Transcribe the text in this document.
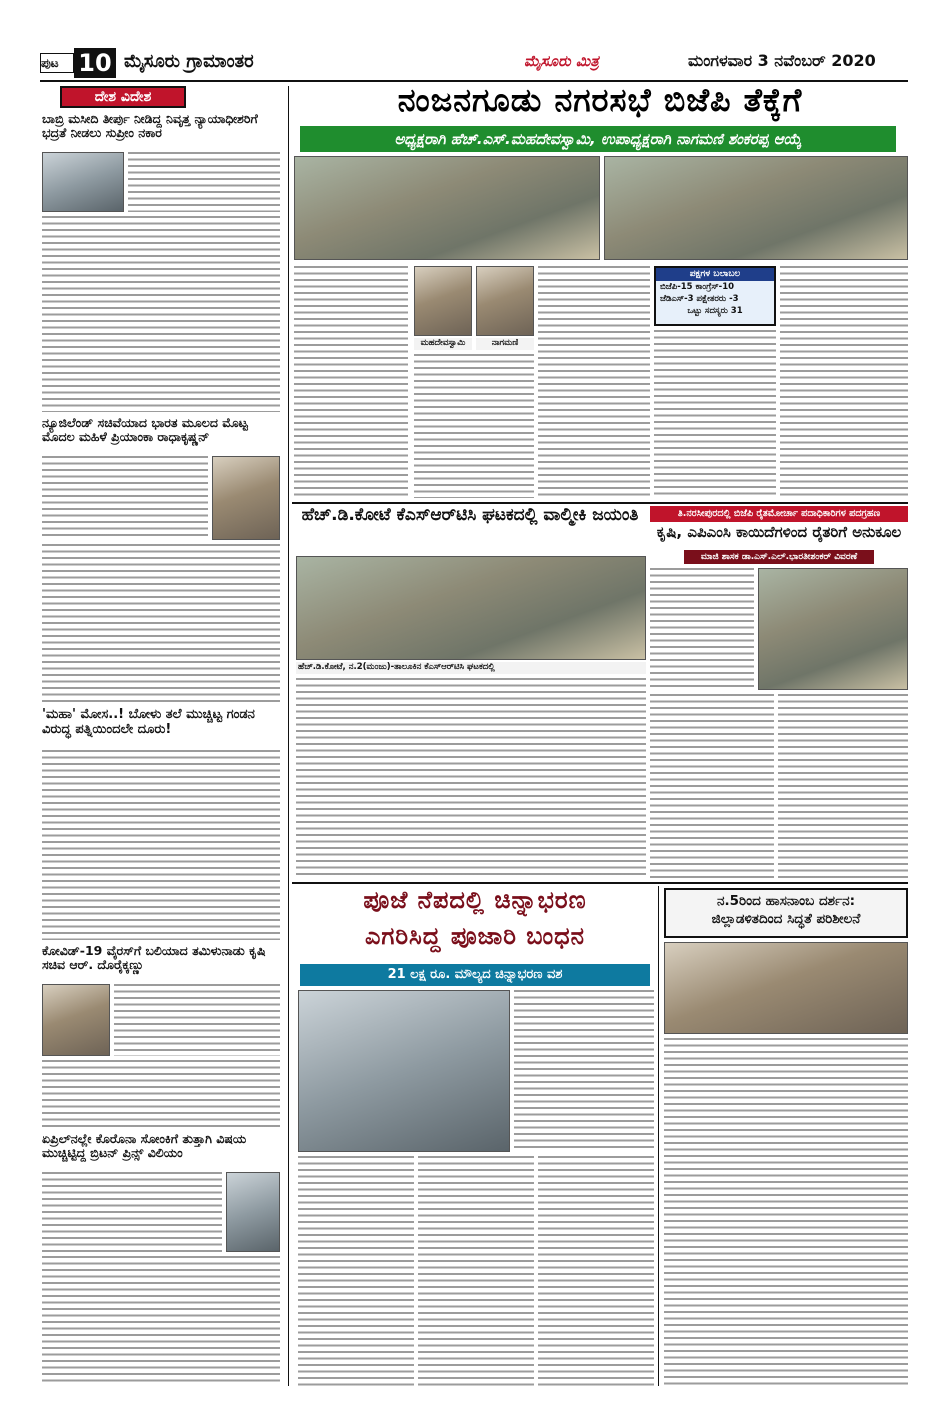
ಪುಟ 10 ಮೈಸೂರು ಗ್ರಾಮಾಂತರ	ಮೈಸೂರು ಮಿತ್ರ	ಮಂಗಳವಾರ 3 ನವೆಂಬರ್ 2020
ದೇಶ ವಿದೇಶ
ಬಾಬ್ರಿ ಮಸೀದಿ ತೀರ್ಪು ನೀಡಿದ್ದ ನಿವೃತ್ತ ನ್ಯಾಯಾಧೀಶರಿಗೆ ಭದ್ರತೆ ನೀಡಲು ಸುಪ್ರೀಂ ನಕಾರ
ನ್ಯೂಜಿಲೆಂಡ್ ಸಚಿವೆಯಾದ ಭಾರತ ಮೂಲದ ಮೊಟ್ಟ ಮೊದಲ ಮಹಿಳೆ ಪ್ರಿಯಾಂಕಾ ರಾಧಾಕೃಷ್ಣನ್
'ಮಹಾ' ಮೋಸ..! ಬೋಳು ತಲೆ ಮುಚ್ಚಿಟ್ಟ ಗಂಡನ ವಿರುದ್ಧ ಪತ್ನಿಯಿಂದಲೇ ದೂರು!
ಕೋವಿಡ್-19 ವೈರಸ್‌ಗೆ ಬಲಿಯಾದ ತಮಿಳುನಾಡು ಕೃಷಿ ಸಚಿವ ಆರ್. ದೊರೈಕ್ಕಣ್ಣು
ಏಪ್ರಿಲ್‌ನಲ್ಲೇ ಕೊರೊನಾ ಸೋಂಕಿಗೆ ತುತ್ತಾಗಿ ವಿಷಯ ಮುಚ್ಚಿಟ್ಟಿದ್ದ ಬ್ರಿಟನ್ ಪ್ರಿನ್ಸ್ ವಿಲಿಯಂ
ನಂಜನಗೂಡು ನಗರಸಭೆ ಬಿಜೆಪಿ ತೆಕ್ಕೆಗೆ
ಅಧ್ಯಕ್ಷರಾಗಿ ಹೆಚ್.ಎಸ್.ಮಹದೇವಸ್ವಾಮಿ, ಉಪಾಧ್ಯಕ್ಷರಾಗಿ ನಾಗಮಣಿ ಶಂಕರಪ್ಪ ಆಯ್ಕೆ
ಮಹದೇವಸ್ವಾಮಿ	ನಾಗಮಣಿ
ಪಕ್ಷಗಳ ಬಲಾಬಲ
ಬಿಜೆಪಿ-15 ಕಾಂಗ್ರೆಸ್-10
ಜೆಡಿಎಸ್-3 ಪಕ್ಷೇತರರು -3
ಒಟ್ಟು ಸದಸ್ಯರು 31
ಹೆಚ್.ಡಿ.ಕೋಟೆ ಕೆಎಸ್‌ಆರ್‌ಟಿಸಿ ಘಟಕದಲ್ಲಿ ವಾಲ್ಮೀಕಿ ಜಯಂತಿ
ಹೆಚ್.ಡಿ.ಕೋಟೆ, ನ.2(ಮಂಜು)-ತಾಲೂಕಿನ ಕೆಎಸ್‌ಆರ್‌ಟಿಸಿ ಘಟಕದಲ್ಲಿ
ತಿ.ನರಸೀಪುರದಲ್ಲಿ ಬಿಜೆಪಿ ರೈತಮೋರ್ಚಾ ಪದಾಧಿಕಾರಿಗಳ ಪದಗ್ರಹಣ
ಕೃಷಿ, ಎಪಿಎಂಸಿ ಕಾಯಿದೆಗಳಿಂದ ರೈತರಿಗೆ ಅನುಕೂಲ
ಮಾಜಿ ಶಾಸಕ ಡಾ.ಎಸ್.ಎಲ್.ಭಾರತೀಶಂಕರ್ ವಿವರಣೆ
ಪೂಜೆ ನೆಪದಲ್ಲಿ ಚಿನ್ನಾಭರಣ
ಎಗರಿಸಿದ್ದ ಪೂಜಾರಿ ಬಂಧನ
21 ಲಕ್ಷ ರೂ. ಮೌಲ್ಯದ ಚಿನ್ನಾಭರಣ ವಶ
ನ.5ರಿಂದ ಹಾಸನಾಂಬ ದರ್ಶನ:
ಜಿಲ್ಲಾಡಳಿತದಿಂದ ಸಿದ್ಧತೆ ಪರಿಶೀಲನೆ
